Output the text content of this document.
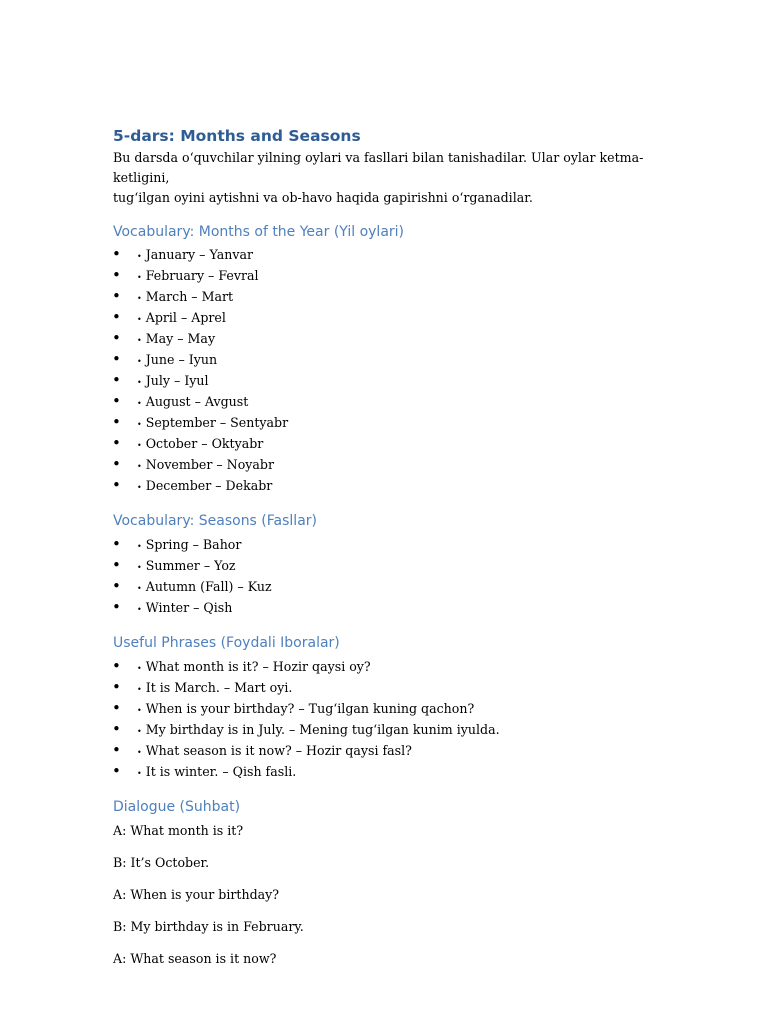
5-dars: Months and Seasons

Bu darsda o‘quvchilar yilning oylari va fasllari bilan tanishadilar. Ular oylar ketma-ketligini,
tug‘ilgan oyini aytishni va ob-havo haqida gapirishni o‘rganadilar.

Vocabulary: Months of the Year (Yil oylari)
• • January – Yanvar
• • February – Fevral
• • March – Mart
• • April – Aprel
• • May – May
• • June – Iyun
• • July – Iyul
• • August – Avgust
• • September – Sentyabr
• • October – Oktyabr
• • November – Noyabr
• • December – Dekabr
Vocabulary: Seasons (Fasllar)
• • Spring – Bahor
• • Summer – Yoz
• • Autumn (Fall) – Kuz
• • Winter – Qish
Useful Phrases (Foydali Iboralar)
• • What month is it? – Hozir qaysi oy?
• • It is March. – Mart oyi.
• • When is your birthday? – Tug‘ilgan kuning qachon?
• • My birthday is in July. – Mening tug‘ilgan kunim iyulda.
• • What season is it now? – Hozir qaysi fasl?
• • It is winter. – Qish fasli.
Dialogue (Suhbat)

A: What month is it?

B: It’s October.

A: When is your birthday?

B: My birthday is in February.

A: What season is it now?
